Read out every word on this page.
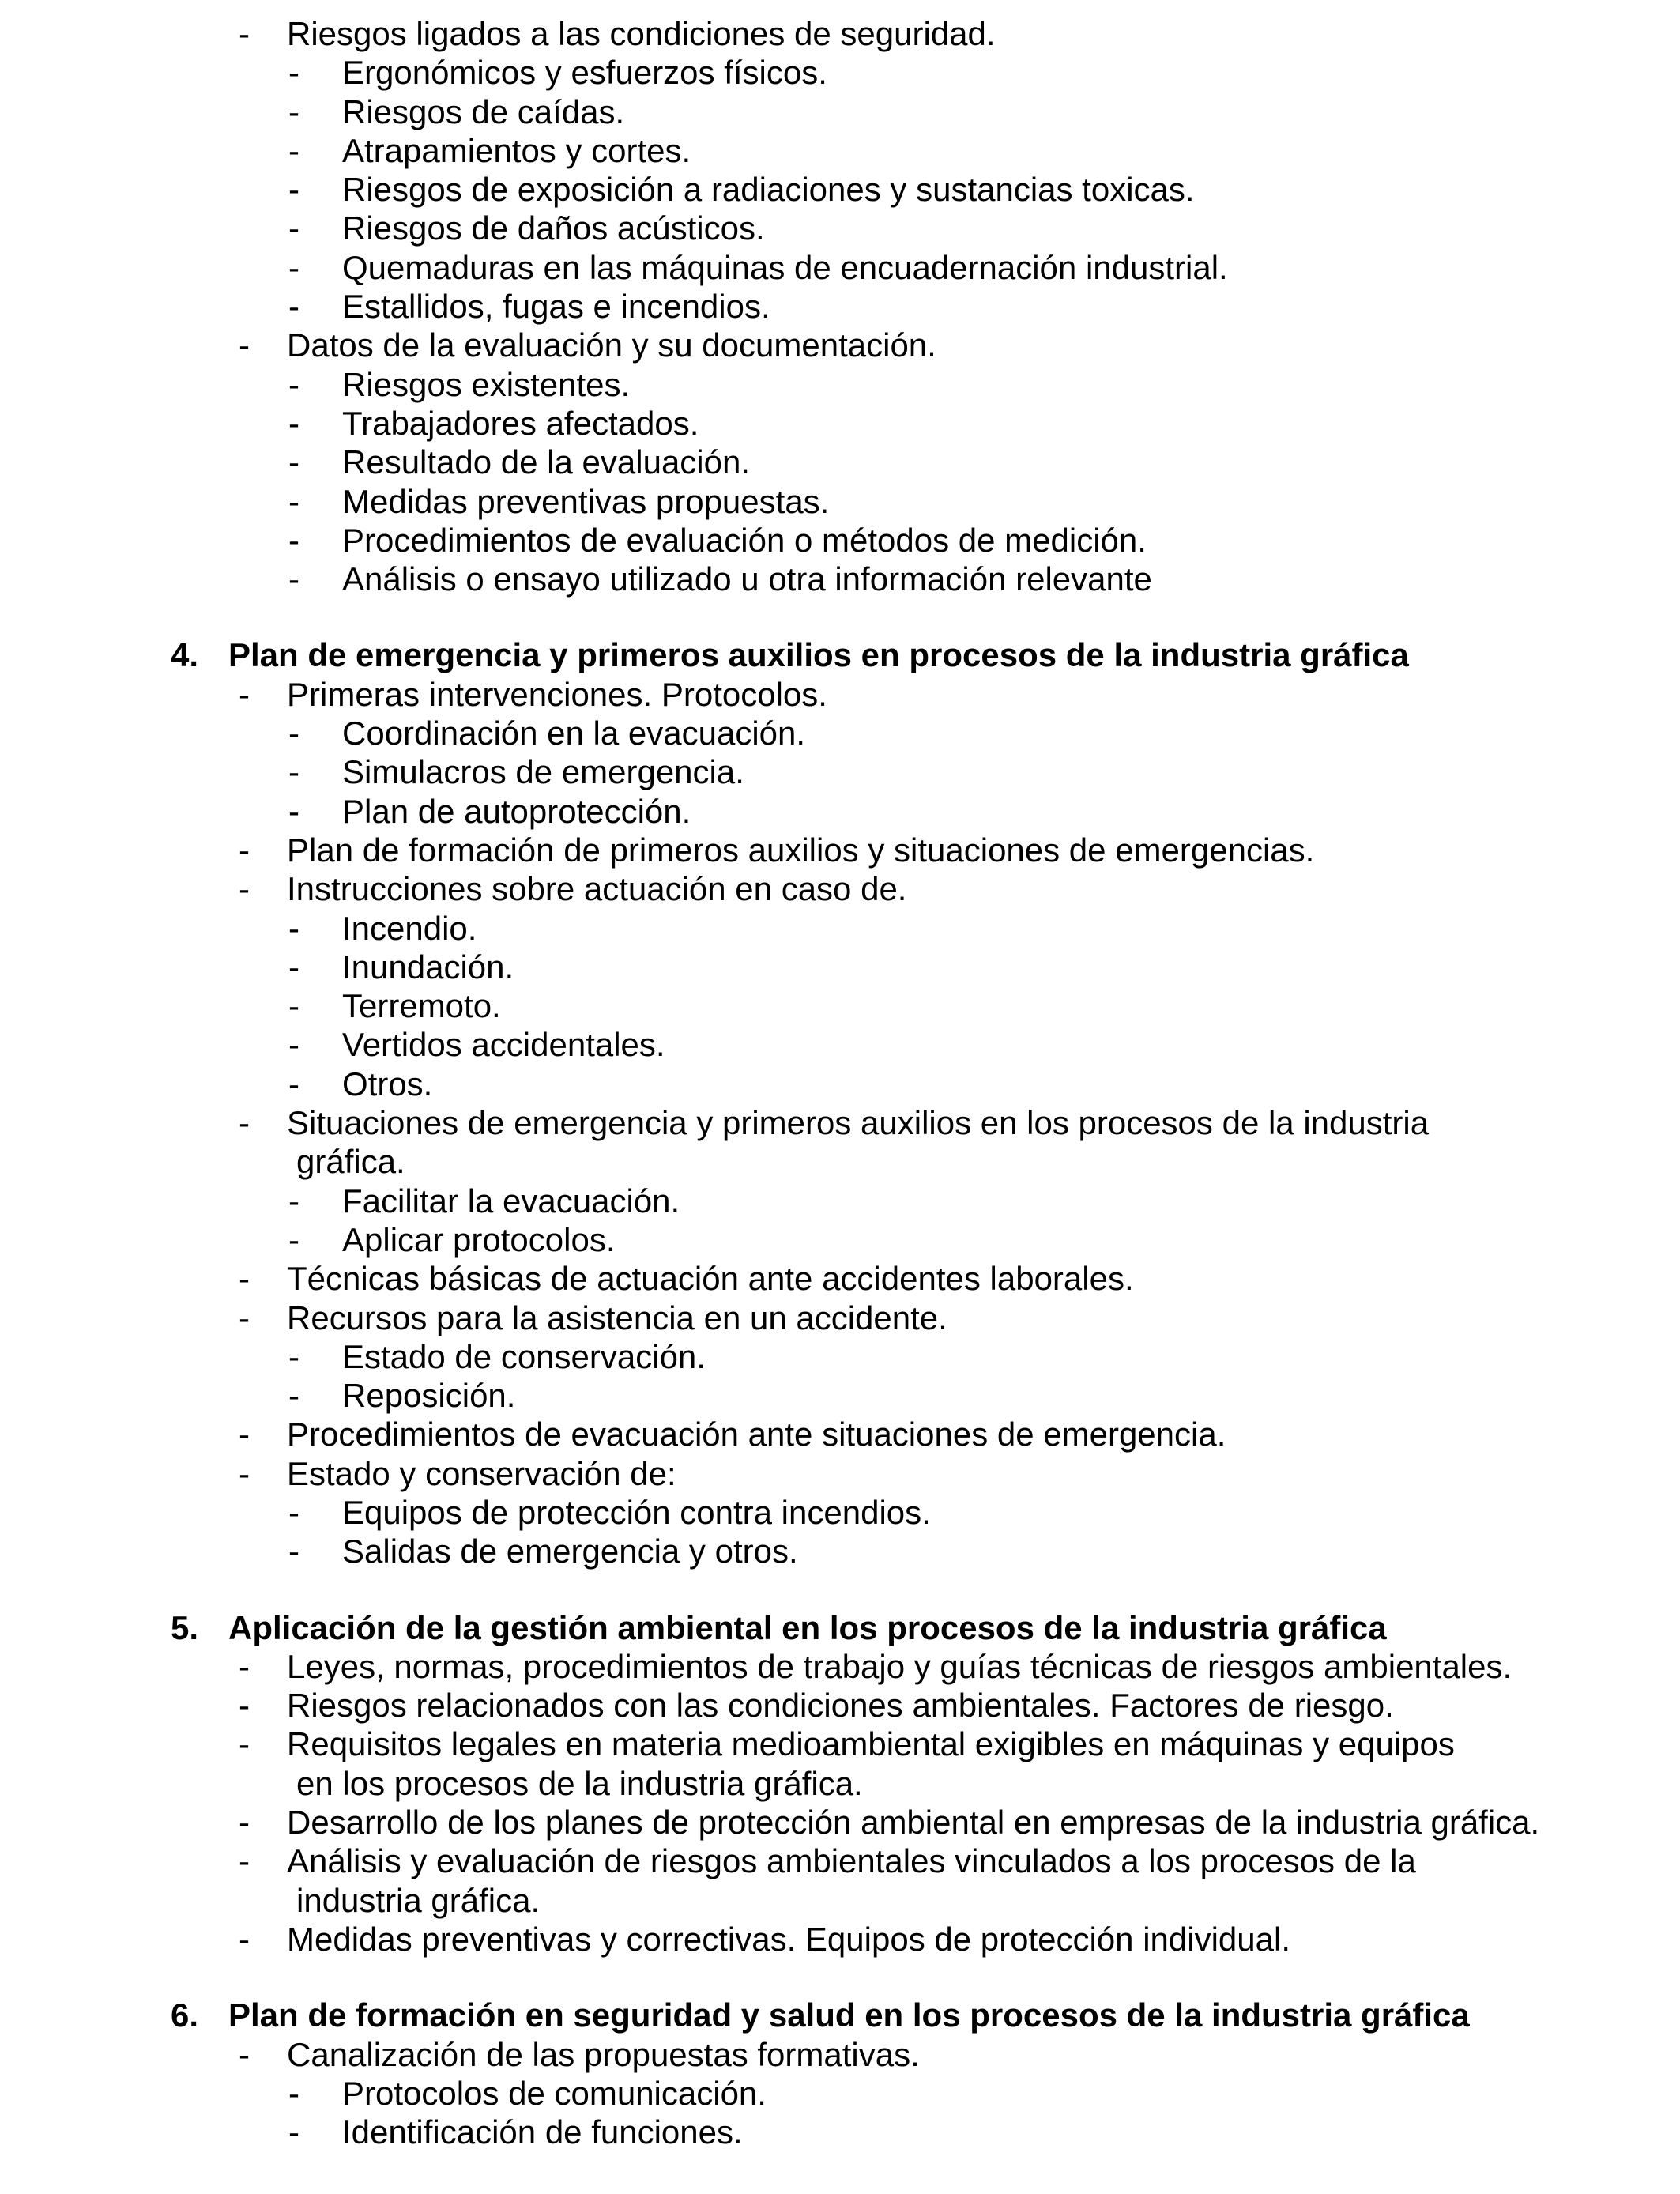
- Riesgos ligados a las condiciones de seguridad.
- Ergonómicos y esfuerzos físicos.
- Riesgos de caídas.
- Atrapamientos y cortes.
- Riesgos de exposición a radiaciones y sustancias toxicas.
- Riesgos de daños acústicos.
- Quemaduras en las máquinas de encuadernación industrial.
- Estallidos, fugas e incendios.
- Datos de la evaluación y su documentación.
- Riesgos existentes.
- Trabajadores afectados.
- Resultado de la evaluación.
- Medidas preventivas propuestas.
- Procedimientos de evaluación o métodos de medición.
- Análisis o ensayo utilizado u otra información relevante
4. Plan de emergencia y primeros auxilios en procesos de la industria gráfica
- Primeras intervenciones. Protocolos.
- Coordinación en la evacuación.
- Simulacros de emergencia.
- Plan de autoprotección.
- Plan de formación de primeros auxilios y situaciones de emergencias.
- Instrucciones sobre actuación en caso de.
- Incendio.
- Inundación.
- Terremoto.
- Vertidos accidentales.
- Otros.
- Situaciones de emergencia y primeros auxilios en los procesos de la industria
gráfica.
- Facilitar la evacuación.
- Aplicar protocolos.
- Técnicas básicas de actuación ante accidentes laborales.
- Recursos para la asistencia en un accidente.
- Estado de conservación.
- Reposición.
- Procedimientos de evacuación ante situaciones de emergencia.
- Estado y conservación de:
- Equipos de protección contra incendios.
- Salidas de emergencia y otros.
5. Aplicación de la gestión ambiental en los procesos de la industria gráfica
- Leyes, normas, procedimientos de trabajo y guías técnicas de riesgos ambientales.
- Riesgos relacionados con las condiciones ambientales. Factores de riesgo.
- Requisitos legales en materia medioambiental exigibles en máquinas y equipos
en los procesos de la industria gráfica.
- Desarrollo de los planes de protección ambiental en empresas de la industria gráfica.
- Análisis y evaluación de riesgos ambientales vinculados a los procesos de la
industria gráfica.
- Medidas preventivas y correctivas. Equipos de protección individual.
6. Plan de formación en seguridad y salud en los procesos de la industria gráfica
- Canalización de las propuestas formativas.
- Protocolos de comunicación.
- Identificación de funciones.
